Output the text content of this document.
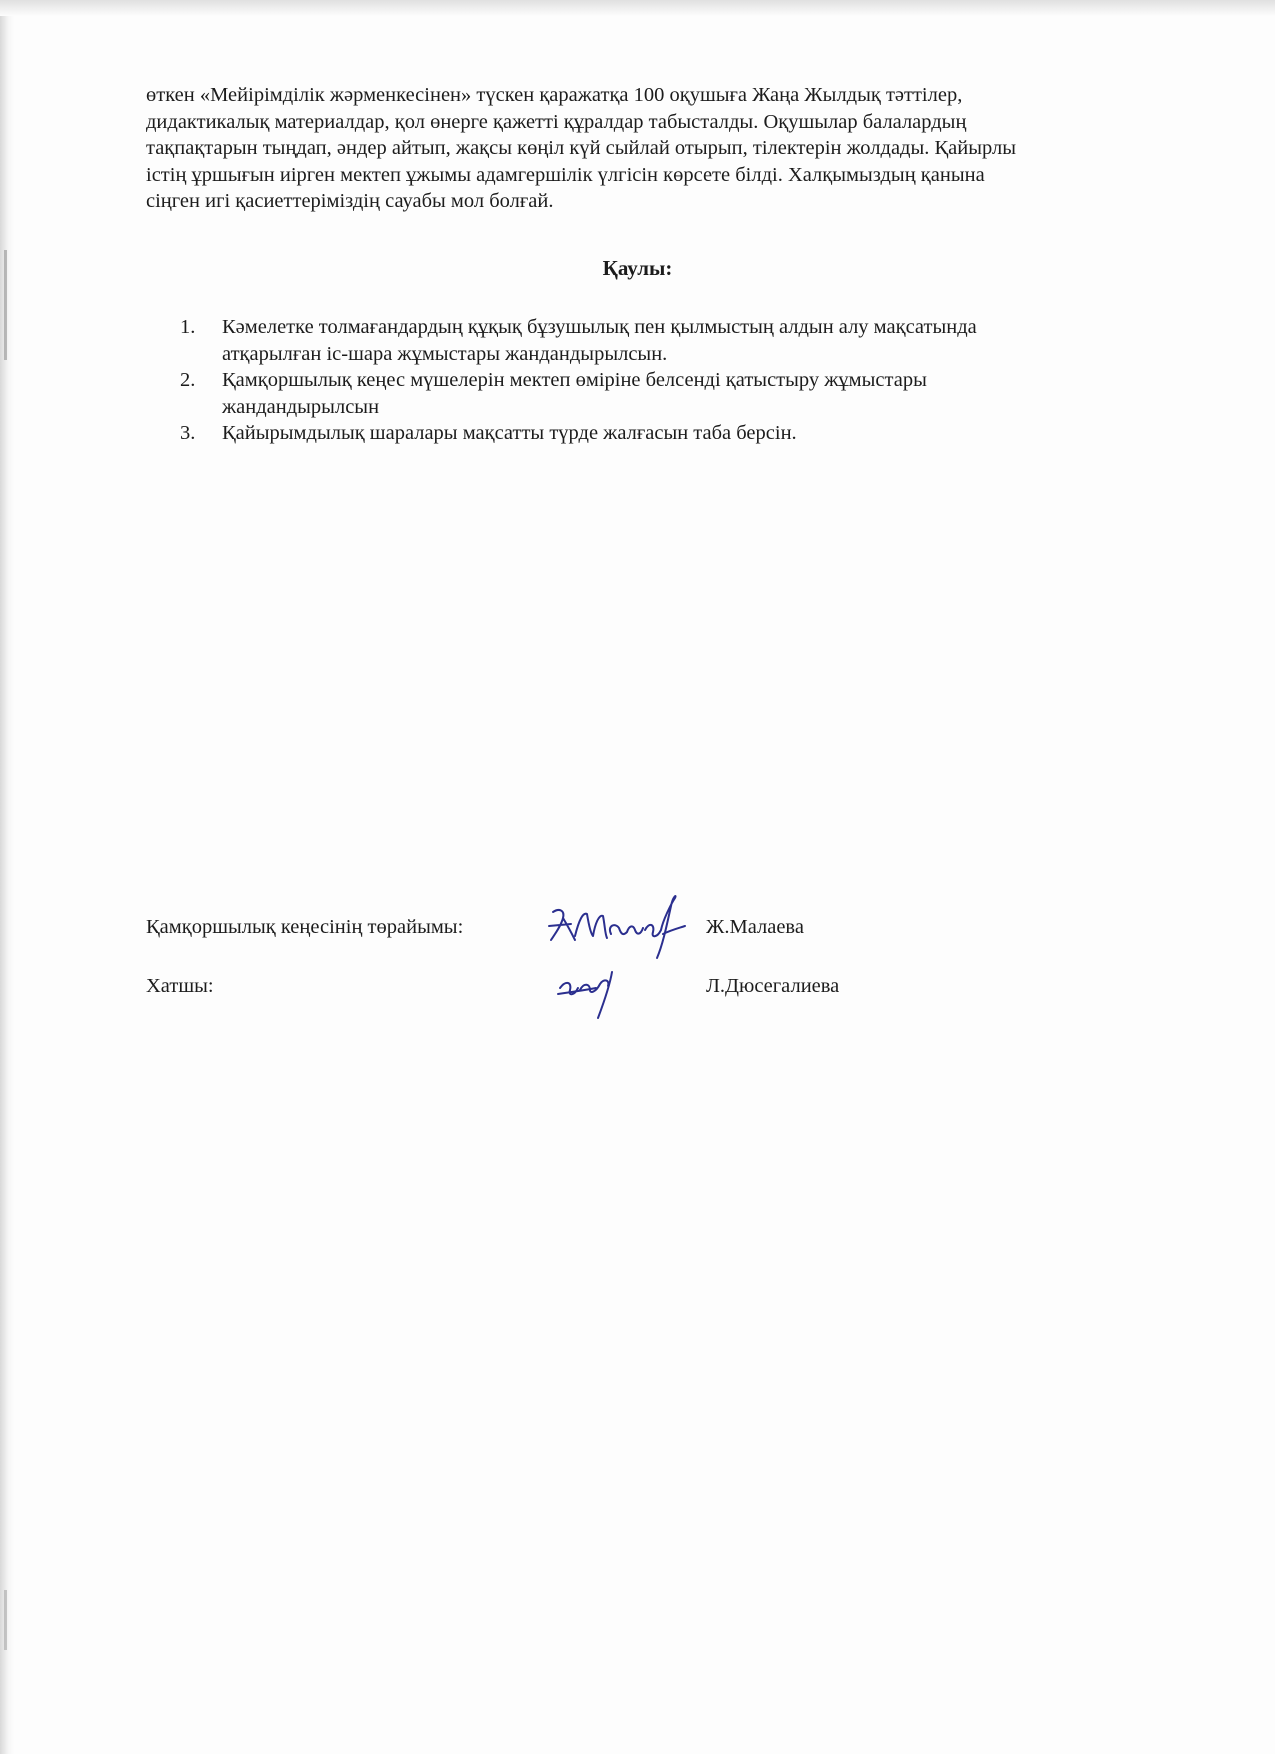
өткен «Мейірімділік жәрменкесінен» түскен қаражатқа 100 оқушыға Жаңа Жылдық тәттілер,
дидактикалық материалдар, қол өнерге қажетті құралдар табысталды. Оқушылар балалардың
тақпақтарын тыңдап, әндер айтып, жақсы көңіл күй сыйлай отырып, тілектерін жолдады. Қайырлы
істің ұршығын иірген мектеп ұжымы адамгершілік үлгісін көрсете білді. Халқымыздың қанына
сіңген игі қасиеттеріміздің сауабы мол болғай.
Қаулы:
1. Кәмелетке толмағандардың құқық бұзушылық пен қылмыстың алдын алу мақсатында
атқарылған іс-шара жұмыстары жандандырылсын.
2. Қамқоршылық кеңес мүшелерін мектеп өміріне белсенді қатыстыру жұмыстары
жандандырылсын
3. Қайырымдылық шаралары мақсатты түрде жалғасын таба берсін.
Қамқоршылық кеңесінің төрайымы:	Ж.Малаева
Хатшы:	Л.Дюсегалиева
